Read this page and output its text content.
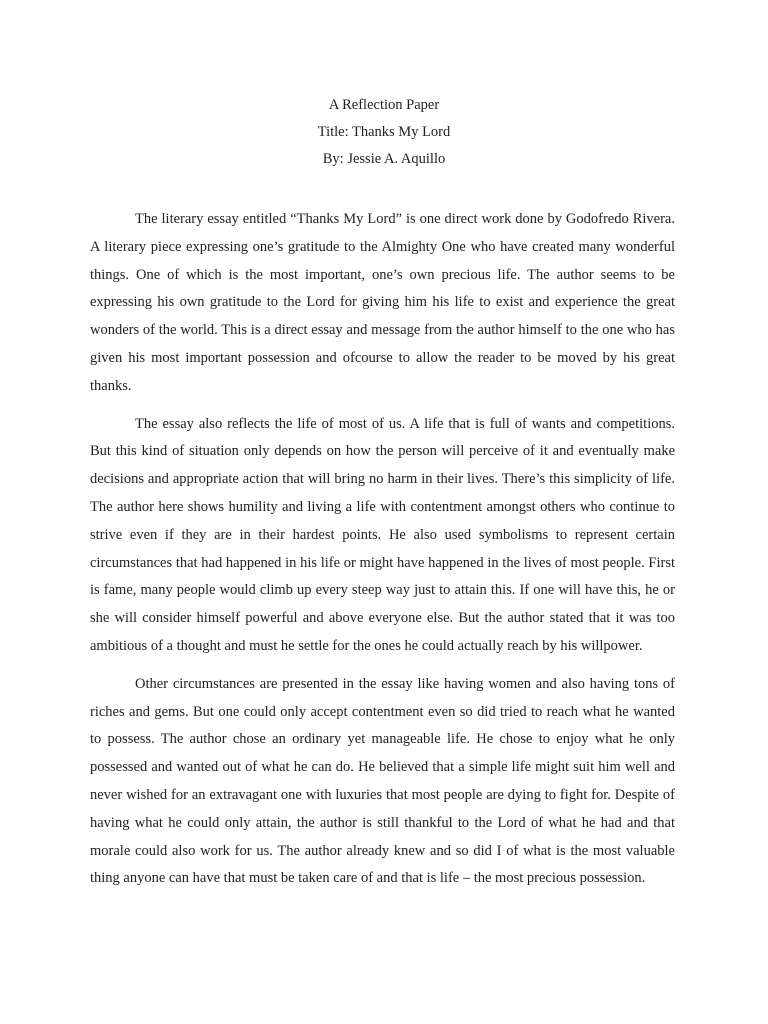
A Reflection Paper
Title: Thanks My Lord
By: Jessie A. Aquillo

The literary essay entitled “Thanks My Lord” is one direct work done by Godofredo Rivera. A literary piece expressing one’s gratitude to the Almighty One who have created many wonderful things. One of which is the most important, one’s own precious life. The author seems to be expressing his own gratitude to the Lord for giving him his life to exist and experience the great wonders of the world. This is a direct essay and message from the author himself to the one who has given his most important possession and ofcourse to allow the reader to be moved by his great thanks.

The essay also reflects the life of most of us. A life that is full of wants and competitions. But this kind of situation only depends on how the person will perceive of it and eventually make decisions and appropriate action that will bring no harm in their lives. There’s this simplicity of life. The author here shows humility and living a life with contentment amongst others who continue to strive even if they are in their hardest points. He also used symbolisms to represent certain circumstances that had happened in his life or might have happened in the lives of most people. First is fame, many people would climb up every steep way just to attain this. If one will have this, he or she will consider himself powerful and above everyone else. But the author stated that it was too ambitious of a thought and must he settle for the ones he could actually reach by his willpower.

Other circumstances are presented in the essay like having women and also having tons of riches and gems. But one could only accept contentment even so did tried to reach what he wanted to possess. The author chose an ordinary yet manageable life. He chose to enjoy what he only possessed and wanted out of what he can do. He believed that a simple life might suit him well and never wished for an extravagant one with luxuries that most people are dying to fight for. Despite of having what he could only attain, the author is still thankful to the Lord of what he had and that morale could also work for us. The author already knew and so did I of what is the most valuable thing anyone can have that must be taken care of and that is life – the most precious possession.
